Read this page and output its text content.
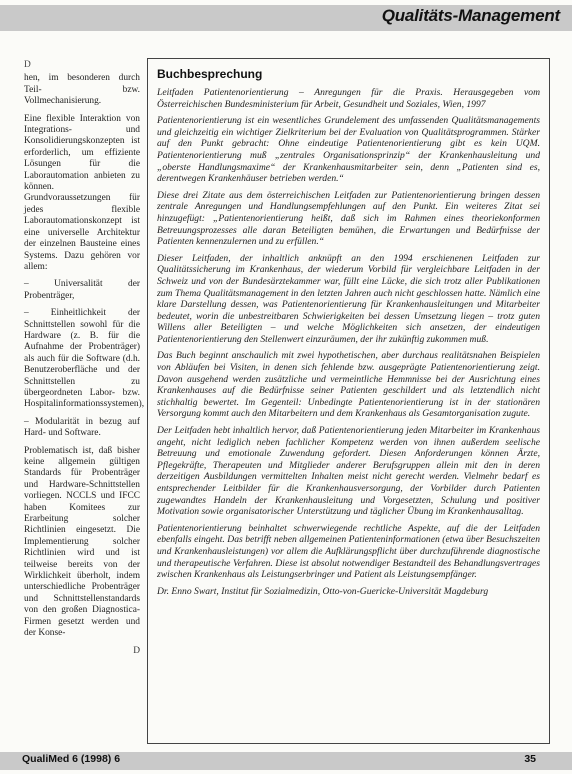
Qualitäts-Management
D

hen, im besonderen durch Teil- bzw. Vollmechanisierung.

Eine flexible Interaktion von Integrations- und Konsolidierungskonzepten ist erforderlich, um effiziente Lösungen für die Laborautomation anbieten zu können. Grundvoraussetzungen für jedes flexible Laborautomationskonzept ist eine universelle Architektur der einzelnen Bausteine eines Systems. Dazu gehören vor allem:

– Universalität der Probenträger,

– Einheitlichkeit der Schnittstellen sowohl für die Hardware (z. B. für die Aufnahme der Probenträger) als auch für die Software (d.h. Benutzeroberfläche und der Schnittstellen zu übergeordneten Labor- bzw. Hospitalinformationssystemen),

– Modularität in bezug auf Hard- und Software.

Problematisch ist, daß bisher keine allgemein gültigen Standards für Probenträger und Hardware-Schnittstellen vorliegen. NCCLS und IFCC haben Komitees zur Erarbeitung solcher Richtlinien eingesetzt. Die Implementierung solcher Richtlinien wird und ist teilweise bereits von der Wirklichkeit überholt, indem unterschiedliche Probenträger und Schnittstellenstandards von den großen Diagnostica-Firmen gesetzt werden und der Konse-

D

Buchbesprechung

Leitfaden Patientenorientierung – Anregungen für die Praxis. Herausgegeben vom Österreichischen Bundesministerium für Arbeit, Gesundheit und Soziales, Wien, 1997

Patientenorientierung ist ein wesentliches Grundelement des umfassenden Qualitätsmanagements und gleichzeitig ein wichtiger Zielkriterium bei der Evaluation von Qualitätsprogrammen. Stärker auf den Punkt gebracht: Ohne eindeutige Patientenorientierung gibt es kein UQM. Patientenorientierung muß „zentrales Organisationsprinzip“ der Krankenhausleitung und „oberste Handlungsmaxime“ der Krankenhausmitarbeiter sein, denn „Patienten sind es, derentwegen Krankenhäuser betrieben werden.“

Diese drei Zitate aus dem österreichischen Leitfaden zur Patientenorientierung bringen dessen zentrale Anregungen und Handlungsempfehlungen auf den Punkt. Ein weiteres Zitat sei hinzugefügt: „Patientenorientierung heißt, daß sich im Rahmen eines theoriekonformen Betreuungsprozesses alle daran Beteiligten bemühen, die Erwartungen und Bedürfnisse der Patienten kennenzulernen und zu erfüllen.“

Dieser Leitfaden, der inhaltlich anknüpft an den 1994 erschienenen Leitfaden zur Qualitätssicherung im Krankenhaus, der wiederum Vorbild für vergleichbare Leitfaden in der Schweiz und von der Bundesärztekammer war, füllt eine Lücke, die sich trotz aller Publikationen zum Thema Qualitätsmanagement in den letzten Jahren auch nicht geschlossen hatte. Nämlich eine klare Darstellung dessen, was Patientenorientierung für Krankenhausleitungen und Mitarbeiter bedeutet, worin die unbestreitbaren Schwierigkeiten bei dessen Umsetzung liegen – trotz guten Willens aller Beteiligten – und welche Möglichkeiten sich ansetzen, der eindeutigen Patientenorientierung den Stellenwert einzuräumen, der ihr zukünftig zukommen muß.

Das Buch beginnt anschaulich mit zwei hypothetischen, aber durchaus realitätsnahen Beispielen von Abläufen bei Visiten, in denen sich fehlende bzw. ausgeprägte Patientenorientierung zeigt. Davon ausgehend werden zusätzliche und vermeintliche Hemmnisse bei der Ausrichtung eines Krankenhauses auf die Bedürfnisse seiner Patienten geschildert und als letztendlich nicht stichhaltig bewertet. Im Gegenteil: Unbedingte Patientenorientierung ist in der stationären Versorgung kommt auch den Mitarbeitern und dem Krankenhaus als Gesamtorganisation zugute.

Der Leitfaden hebt inhaltlich hervor, daß Patientenorientierung jeden Mitarbeiter im Krankenhaus angeht, nicht lediglich neben fachlicher Kompetenz werden von ihnen außerdem seelische Betreuung und emotionale Zuwendung gefordert. Diesen Anforderungen können Ärzte, Pflegekräfte, Therapeuten und Mitglieder anderer Berufsgruppen allein mit den in deren derzeitigen Ausbildungen vermittelten Inhalten meist nicht gerecht werden. Vielmehr bedarf es entsprechender Leitbilder für die Krankenhausversorgung, der Vorbilder durch Patienten zugewandtes Handeln der Krankenhausleitung und Vorgesetzten, Schulung und positiver Motivation sowie organisatorischer Unterstützung und täglicher Übung im Krankenhausalltag.

Patientenorientierung beinhaltet schwerwiegende rechtliche Aspekte, auf die der Leitfaden ebenfalls eingeht. Das betrifft neben allgemeinen Patienteninformationen (etwa über Besuchszeiten und Krankenhausleistungen) vor allem die Aufklärungspflicht über durchzuführende diagnostische und therapeutische Verfahren. Diese ist absolut notwendiger Bestandteil des Behandlungsvertrages zwischen Krankenhaus als Leistungserbringer und Patient als Leistungsempfänger.

Dr. Enno Swart, Institut für Sozialmedizin, Otto-von-Guericke-Universität Magdeburg

QualiMed 6 (1998) 6	35
